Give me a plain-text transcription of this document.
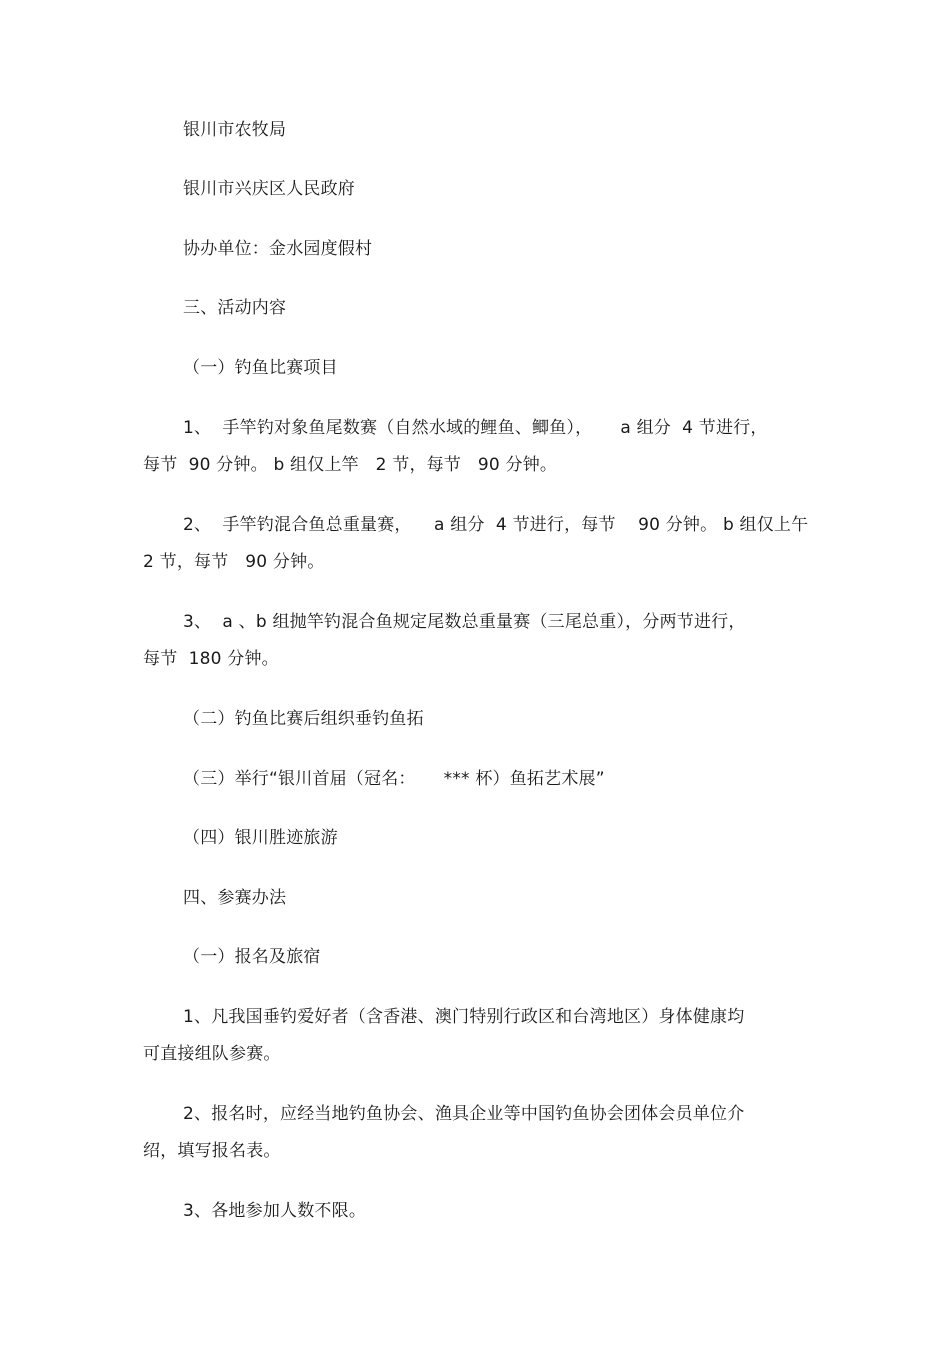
银川市农牧局
银川市兴庆区人民政府
协办单位：金水园度假村
三、活动内容
（一）钓鱼比赛项目
1、  手竿钓对象鱼尾数赛（自然水域的鲤鱼、鲫鱼），     a 组分  4 节进行，
每节  90 分钟。 b 组仅上竿   2 节，每节   90 分钟。
2、  手竿钓混合鱼总重量赛，    a 组分  4 节进行，每节    90 分钟。 b 组仅上午
2 节，每节   90 分钟。
3、  a 、b 组抛竿钓混合鱼规定尾数总重量赛（三尾总重），分两节进行，
每节  180 分钟。
（二）钓鱼比赛后组织垂钓鱼拓
（三）举行“银川首届（冠名：     *** 杯）鱼拓艺术展”
（四）银川胜迹旅游
四、参赛办法
（一）报名及旅宿
1、凡我国垂钓爱好者（含香港、澳门特别行政区和台湾地区）身体健康均
可直接组队参赛。
2、报名时，应经当地钓鱼协会、渔具企业等中国钓鱼协会团体会员单位介
绍，填写报名表。
3、各地参加人数不限。
